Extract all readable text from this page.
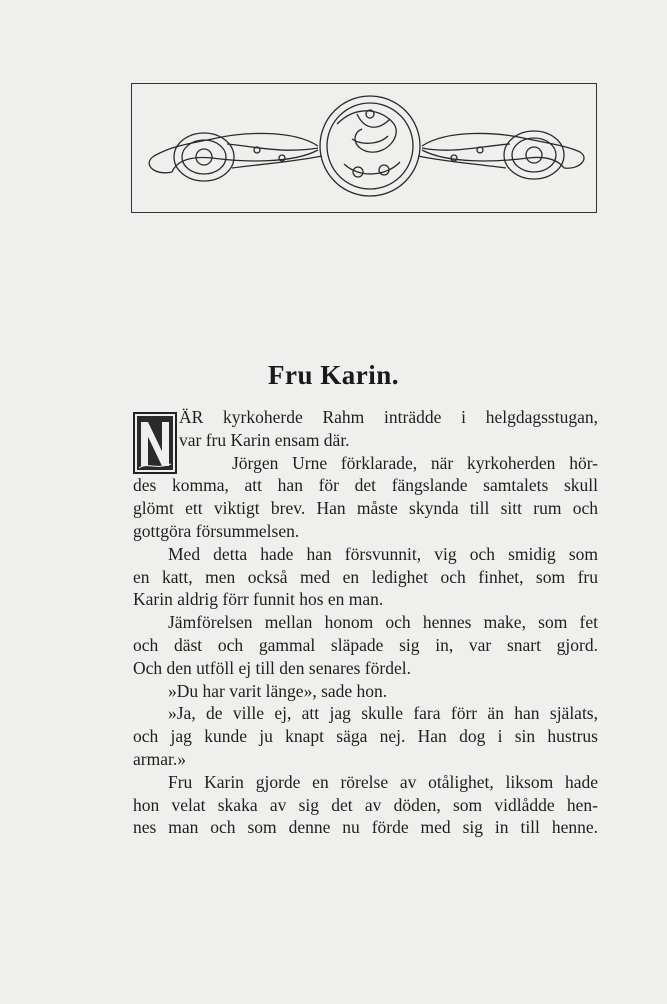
Fru Karin.
ÄR kyrkoherde Rahm inträdde i helgdagsstugan,
var fru Karin ensam där.
Jörgen Urne förklarade, när kyrkoherden hör-
des komma, att han för det fängslande samtalets skull
glömt ett viktigt brev. Han måste skynda till sitt rum och
gottgöra försummelsen.
Med detta hade han försvunnit, vig och smidig som
en katt, men också med en ledighet och finhet, som fru
Karin aldrig förr funnit hos en man.
Jämförelsen mellan honom och hennes make, som fet
och däst och gammal släpade sig in, var snart gjord.
Och den utföll ej till den senares fördel.
»Du har varit länge», sade hon.
»Ja, de ville ej, att jag skulle fara förr än han själats,
och jag kunde ju knapt säga nej. Han dog i sin hustrus
armar.»
Fru Karin gjorde en rörelse av otålighet, liksom hade
hon velat skaka av sig det av döden, som vidlådde hen-
nes man och som denne nu förde med sig in till henne.
